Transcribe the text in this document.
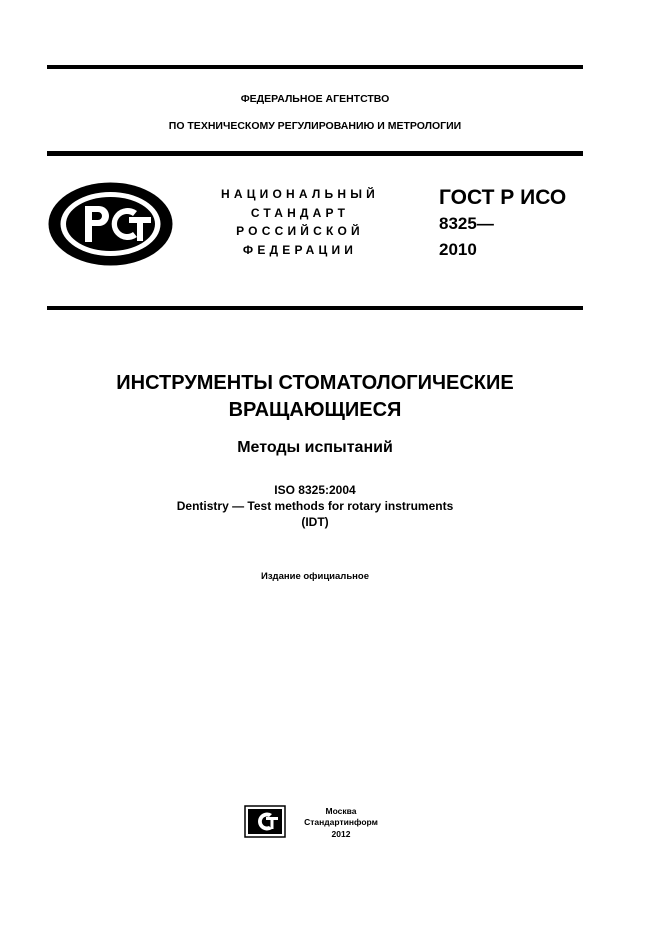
ФЕДЕРАЛЬНОЕ АГЕНТСТВО
ПО ТЕХНИЧЕСКОМУ РЕГУЛИРОВАНИЮ И МЕТРОЛОГИИ
НАЦИОНАЛЬНЫЙ
СТАНДАРТ
РОССИЙСКОЙ
ФЕДЕРАЦИИ
ГОСТ Р ИСО
8325—
2010
ИНСТРУМЕНТЫ СТОМАТОЛОГИЧЕСКИЕ
ВРАЩАЮЩИЕСЯ
Методы испытаний
ISO 8325:2004
Dentistry — Test methods for rotary instruments
(IDT)
Издание официальное
Москва
Стандартинформ
2012
